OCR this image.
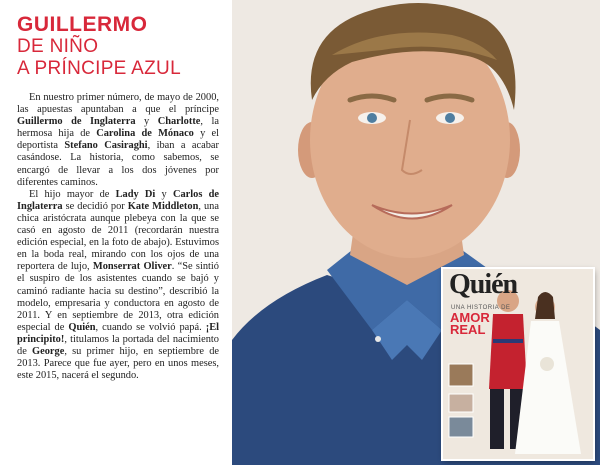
GUILLERMO
DE NIÑO
A PRÍNCIPE AZUL

En nuestro primer número, de mayo de 2000, las apuestas apuntaban a que el príncipe Guillermo de Inglaterra y Charlotte, la hermosa hija de Carolina de Mónaco y el deportista Stefano Casiraghi, iban a acabar casándose. La historia, como sabemos, se encargó de llevar a los dos jóvenes por diferentes caminos.

El hijo mayor de Lady Di y Carlos de Inglaterra se decidió por Kate Middleton, una chica aristócrata aunque plebeya con la que se casó en agosto de 2011 (recordarán nuestra edición especial, en la foto de abajo). Estuvimos en la boda real, mirando con los ojos de una reportera de lujo, Monserrat Oliver. “Se sintió el suspiro de los asistentes cuando se bajó y caminó radiante hacia su destino”, describió la modelo, empresaria y conductora en agosto de 2011. Y en septiembre de 2013, otra edición especial de Quién, cuando se volvió papá. ¡El principito!, titulamos la portada del nacimiento de George, su primer hijo, en septiembre de 2013. Parece que fue ayer, pero en unos meses, este 2015, nacerá el segundo.

Quién
UNA HISTORIA DE
AMOR
REAL
